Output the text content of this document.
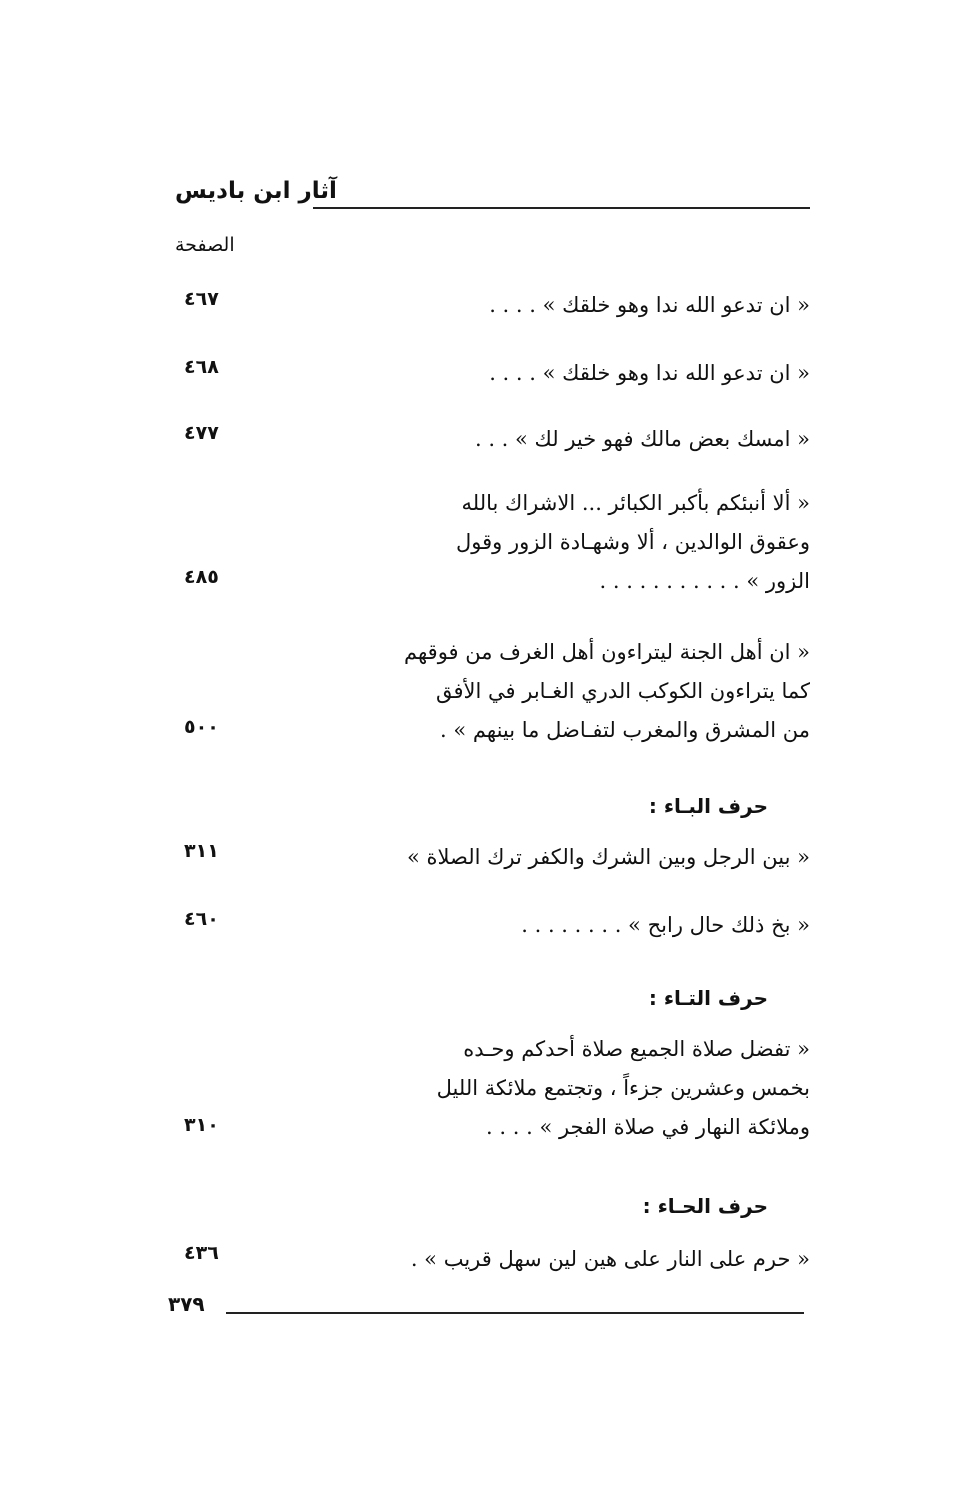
آثار ابن باديس
الصفحة
« ان تدعو الله ندا وهو خلقك » . . . .
٤٦٧
« ان تدعو الله ندا وهو خلقك » . . . .
٤٦٨
« امسك بعض مالك فهو خير لك » . . .
٤٧٧
« ألا أنبئكم بأكبر الكبائر ... الاشراك بالله
وعقوق الوالدين ، ألا وشهـادة الزور وقول
الزور » . . . . . . . . . . .
٤٨٥
« ان أهل الجنة ليتراءون أهل الغرف من فوقهم
كما يتراءون الكوكب الدري الغـابر في الأفق
من المشرق والمغرب لتفـاضل ما بينهم » .
٥٠٠
حرف البـاء :
« بين الرجل وبين الشرك والكفر ترك الصلاة »
٣١١
« بخ ذلك حال رابح » . . . . . . . .
٤٦٠
حرف التـاء :
« تفضل صلاة الجميع صلاة أحدكم وحـده
بخمس وعشرين جزءاً ، وتجتمع ملائكة الليل
وملائكة النهار في صلاة الفجر » . . . .
٣١٠
حرف الحـاء :
« حرم على النار على هين لين سهل قريب » .
٤٣٦
٣٧٩
